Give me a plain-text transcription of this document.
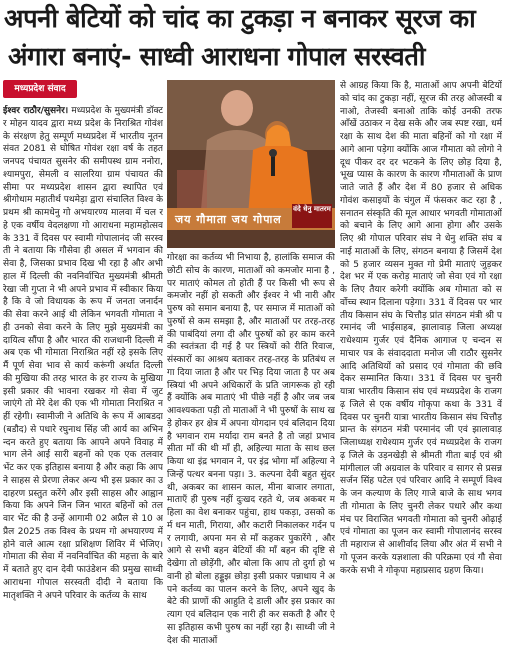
अपनी बेटियों को चांद का टुकड़ा न बनाकर सूरज का
अंगारा बनाएं- साध्वी आराधना गोपाल सरस्वती
मध्यप्रदेश संवाद
ईश्वर राठौर/सुसनेर। मध्यप्रदेश के मुख्यमंत्री डॉक्टर मोहन यादव द्वारा मध्य प्रदेश के निराश्रित गोवंश के संरक्षण हेतु सम्पूर्ण मध्यप्रदेश में भारतीय नूतन संवत 2081 से घोषित गोवंश रक्षा वर्ष के तहत जनपद पंचायत सुसनेर की समीपस्थ ग्राम ननोरा, श्यामपुरा, सेमली व सालरिया ग्राम पंचायत की सीमा पर मध्यप्रदेश शासन द्वारा स्थापित एवं श्रीगोधाम महातीर्थ पथमेड़ा द्वारा संचालित विश्व के प्रथम श्री कामधेनु गो अभयारण्य मालवा में चल रहे एक वर्षीय वेदलक्षणा गो आराधना महामहोत्सव के 331 वें दिवस पर स्वामी गोपालानंद जी सरस्वती ने बताया कि गौसेवा ही असल में भगवान की सेवा है, जिसका प्रभाव दिख भी रहा है और अभी हाल में दिल्ली की नवनिर्वाचित मुख्यमंत्री श्रीमती रेखा जी गुप्ता ने भी अपने प्रभाव में स्वीकार किया है कि वे जो विधायक के रूप में जनता जनार्दन की सेवा करने आई थी लेकिन भगवती गोमाता ने ही उनको सेवा करने के लिए मुझे मुख्यमंत्री का दायित्व सौंपा है और भारत की राजधानी दिल्ली में अब एक भी गोमाता निराश्रित नहीं रहे इसके लिए मैं पूर्ण सेवा भाव से कार्य करूंगी अर्थात दिल्ली की मुखिया की तरह भारत के हर राज्य के मुखिया इसी प्रकार की भावना रखकर गो सेवा में जुट जाएंगे तो मेरे देश की एक भी गोमाता निराश्रित नहीं रहेगी। स्वामीजी ने अतिथि के रूप में आबडदा (बडौद) से पधारे रघुनाथ सिंह जी आर्य का अभिनन्दन करते हुए बताया कि आपने अपने विवाह में भाग लेने आई सारी बहनों को एक एक तलवार भेंट कर एक इतिहास बनाया है और कहा कि आपने साहस से प्रेरणा लेकर अन्य भी इस प्रकार का उदाहरण प्रस्तुत करेंगे और इसी साहस और आह्वान किया कि अपने जिन जिन भारत बहिनों को तलवार भेंट की है उन्हें आगामी 02 अप्रैल से 10 अप्रैल 2025 तक विश्व के प्रथम गो अभयारण्य में होने वाले आत्म रक्षा प्रशिक्षण शिविर में भेजिए। गोमाता की सेवा में नवनिर्वाचित की महत्ता के बारे में बताते हुए दान देवी फाउंडेशन की प्रमुख साध्वी आराधना गोपाल सरस्वती दीदी ने बताया कि मातृशक्ति ने अपने परिवार के कर्तव्य के साथ
जय गौमाता जय गोपाल
वंदे धेनु मातरम
गोरक्षा का कर्तव्य भी निभाया है, हालांकि समाज की छोटी सोच के कारण, माताओं को कमजोर माना है , पर माताएं कोमल तो होती हैं पर किसी भी रूप से कमजोर नहीं हो सकती और ईश्वर ने भी नारी और पुरुष को समान बनाया है, पर समाज में माताओं को पुरुषों से कम समझा है, और माताओं पर तरह-तरह की पाबंदियां लगा दी और पुरुषों को हर काम करने की स्वतंत्रता दी गई है पर स्त्रियों को रीति रिवाज, संस्कारों का आश्रय बताकर तरह-तरह के प्रतिबंध लगा दिया जाता है और पर भिड़ दिया जाता है पर अब स्त्रियां भी अपने अधिकारों के प्रति जागरूक हो रही हैं क्योंकि अब माताएं भी पीछे नहीं है और जब जब आवश्यकता पड़ी तो माताओं ने भी पुरुषों के साथ खड़े होकर हर क्षेत्र में अपना योगदान एवं बलिदान दिया है भगवान राम मर्यादा राम बनते है तो जहां प्रभाव सीता माँ की थी माँ ही, अहिल्या माता के साथ छल किया था इंद्र भगवान ने, पर इंद्र भोगा माँ अहिल्या ने जिन्हें पत्थर बनना पड़ा। 3. कल्पना देवी बहुत सुंदर थी, अकबर का शासन काल, मीना बाजार लगाता, माताएँ ही पुरुष नहीं दुःखद रहते थे, जब अकबर महिला का वेश बनाकर पहुंचा, हाथ पकड़ा, उसको कर्म धन माती, गिराया, और कटारी निकालकर गर्दन पर लगायी, अपना मन से माँ कहकर पुकारेंगे , और आगे से सभी बहन बेटियों की माँ बहन की दृष्टि से देखेगा तो छोड़ेंगी, और बोला कि आप तो दुर्गा हो भवानी हो बोला हड्डूझ छोड़ा इसी प्रकार पन्नाधाय ने अपने कर्तव्य का पालन करने के लिए, अपने खुद के बेटे की प्राणों की आहुति दे डाली और इस प्रकार का त्याग एवं बलिदान एक नारी ही कर सकती है और ऐसा इतिहास कभी पुरुष का नहीं रहा है। साध्वी जी ने देश की माताओं
से आग्रह किया कि है, माताओं आप अपनी बेटियों को चांद का टुकड़ा नहीं, सूरज की तरह ओजस्वी बनाओ, तेजस्वी बनाओ ताकि कोई उनकी तरफ आँखें उठाकर न देख सके और जब स्पष्ट रखा, धर्म रक्षा के साथ देश की माता बहिनों को गो रक्षा में आगे आना पड़ेगा क्योंकि आज गौमाता को लोगो ने दूध पीकर दर दर भटकने के लिए छोड़ दिया है, भूख प्यास के कारण के कारण गौमाताओं के प्राण जाते जाते हैं और देश में 80 हजार से अधिक गोवंश कसाइयों के चंगुल में फंसकर कट रहा है , सनातन संस्कृति की मूल आधार भगवती गोमाताओं को बचाने के लिए आगे आना होगा और उसके लिए श्री गोपाल परिवार संघ ने धेनु शक्ति संघ बनाई माताओं के लिए, संगठन बनाया है जिसमें देश को 5 हजार व्यसन मुक्त गो प्रेमी माताएं जुड़कर देश भर में एक करोड़ माताएं जो सेवा एवं गो रक्षा के लिए तैयार करेगी क्योंकि अब गोमाता को सर्वोच्च स्थान दिलाना पड़ेगा। 331 वें दिवस पर भारतीय किसान संघ के चित्तौड़ प्रांत संगठन मंत्री श्री परमानंद जी भाईसाहब, झालावाड़ जिला अध्यक्ष राधेश्याम गुर्जर एवं दैनिक आगाज ए चन्दन समाचार पत्र के संवाददाता मनोज जी राठौर सुसनेर आदि अतिथियों को प्रसाद एवं गोमाता की छवि देकर सम्मानित किया। 331 वें दिवस पर चुनरी यात्रा भारतीय किसान संघ एवं मध्यप्रदेश के राजगढ़ जिले से एक वर्षीय गोकृपा कथा के 331 वें दिवस पर चुनरी यात्रा भारतीय किसान संघ चित्तौड़ प्रान्त के संगठन मंत्री परमानंद जी एवं झालावाड़ जिलाध्यक्ष राधेश्याम गुर्जर एवं मध्यप्रदेश के राजगढ़ जिले के उड़नखेड़ी से श्रीमती गीता बाई एवं श्री मांगीलाल जी अग्रवाल के परिवार व सागर से प्रसन्न सर्जन सिंह पटेल एवं परिवार आदि ने सम्पूर्ण विश्व के जन कल्याण के लिए गाजे बाजे के साथ भगवती गोमाता के लिए चुनरी लेकर पधारे और कथा मंच पर विराजित भगवती गोमाता को चुनरी ओढ़ाई एवं गोमाता का पूजन कर स्वामी गोपालानंद सरस्वती महाराज से आशीर्वाद लिया और अंत में सभी ने गो पूजन करके यज्ञशाला की परिक्रमा एवं गौ सेवा करके सभी ने गोकृपा महाप्रसाद ग्रहण किया।
